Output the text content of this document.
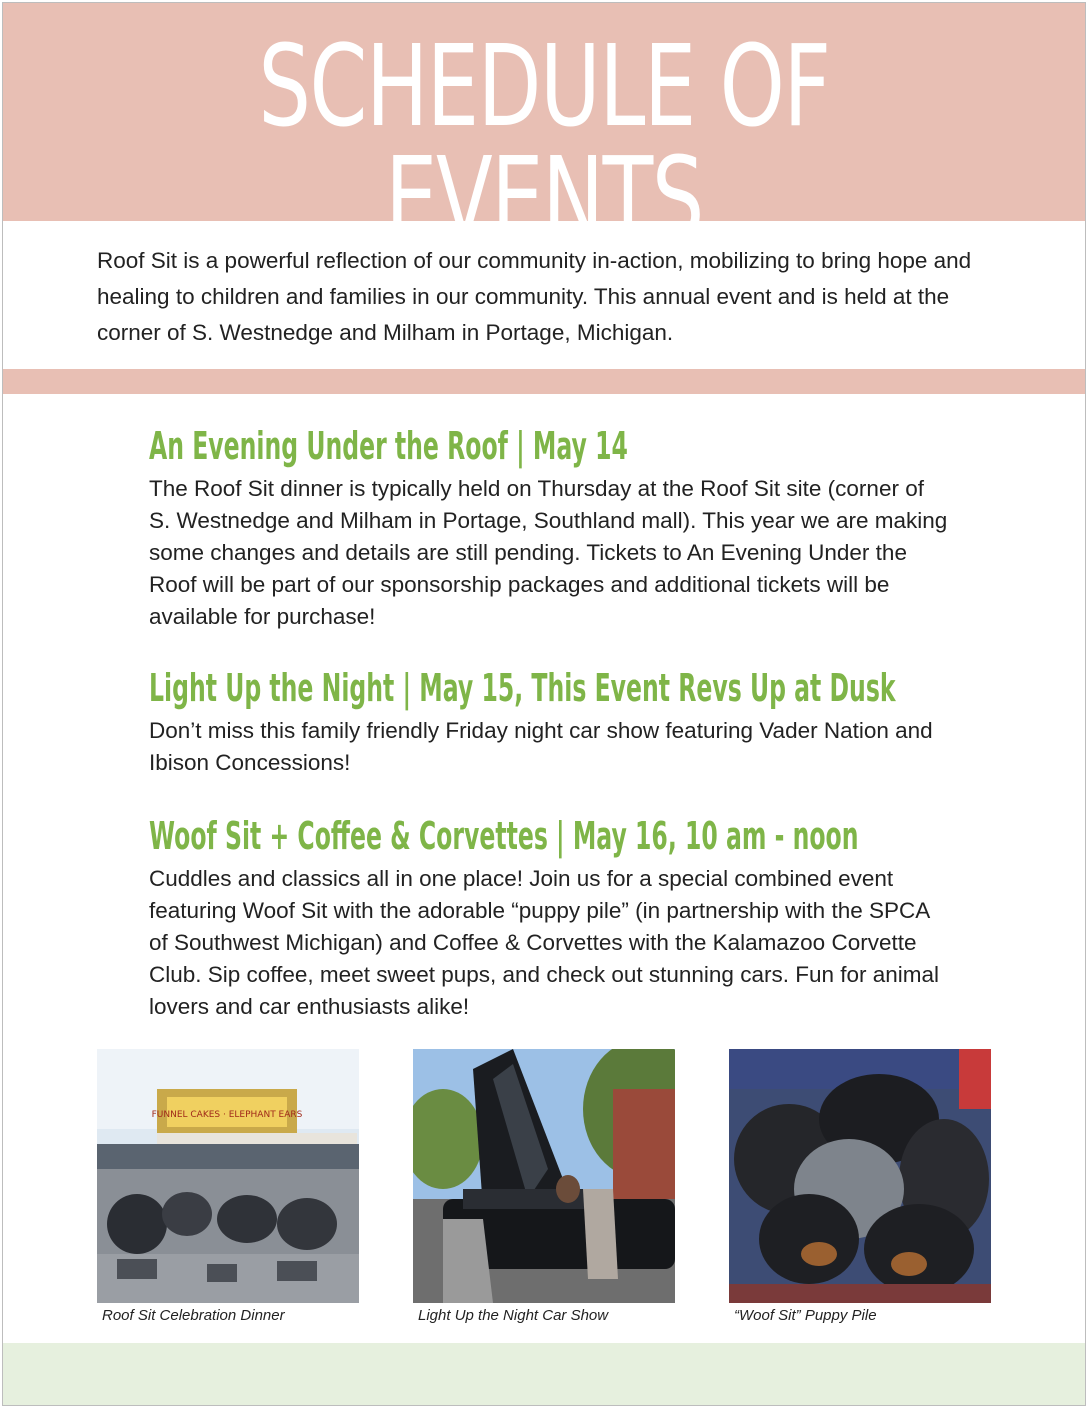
SCHEDULE OF EVENTS
Roof Sit is a powerful reflection of our community in-action, mobilizing to bring hope and healing to children and families in our community. This annual event and is held at the corner of S. Westnedge and Milham in Portage, Michigan.
An Evening Under the Roof | May 14
The Roof Sit dinner is typically held on Thursday at the Roof Sit site (corner of S. Westnedge and Milham in Portage, Southland mall). This year we are making some changes and details are still pending. Tickets to An Evening Under the Roof will be part of our sponsorship packages and additional tickets will be available for purchase!
Light Up the Night | May 15, This Event Revs Up at Dusk
Don’t miss this family friendly Friday night car show featuring Vader Nation and Ibison Concessions!
Woof Sit + Coffee & Corvettes | May 16, 10 am - noon
Cuddles and classics all in one place! Join us for a special combined event featuring Woof Sit with the adorable “puppy pile” (in partnership with the SPCA of Southwest Michigan) and Coffee & Corvettes with the Kalamazoo Corvette Club. Sip coffee, meet sweet pups, and check out stunning cars. Fun for animal lovers and car enthusiasts alike!
FUNNEL CAKES · ELEPHANT EARS
Roof Sit Celebration Dinner	Light Up the Night Car Show	“Woof Sit” Puppy Pile
